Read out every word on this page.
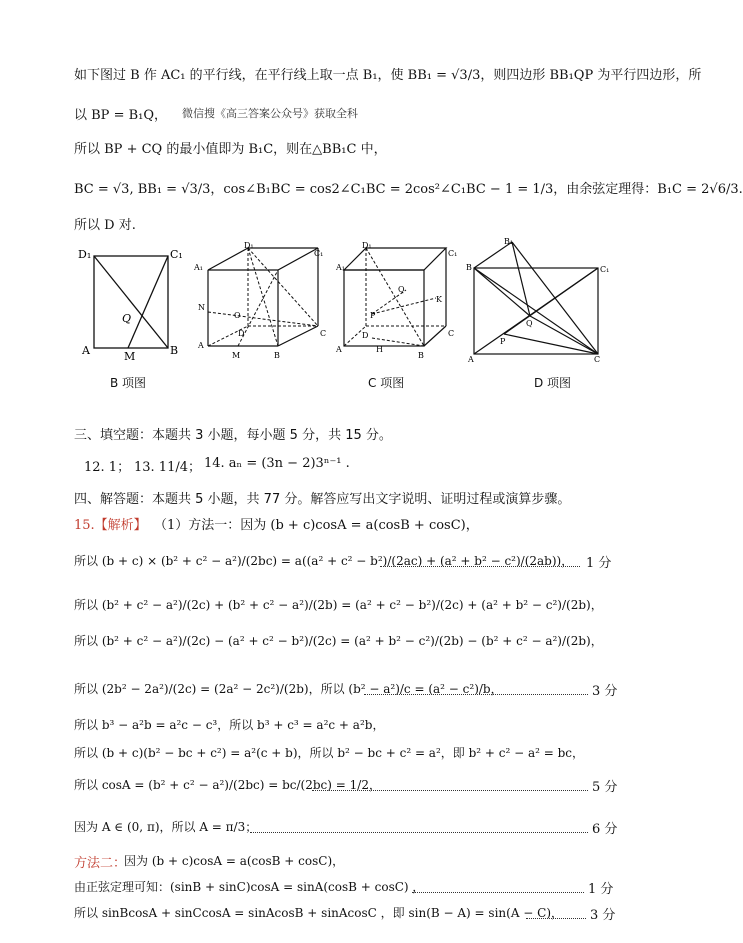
如下图过 B 作 AC₁ 的平行线，在平行线上取一点 B₁，使 BB₁ = √3/3，则四边形 BB₁QP 为平行四边形，所
以 BP = B₁Q， 微信搜《高三答案公众号》获取全科
所以 BP + CQ 的最小值即为 B₁C，则在△BB₁C 中，
BC = √3, BB₁ = √3/3，cos∠B₁BC = cos2∠C₁BC = 2cos²∠C₁BC − 1 = 1/3，由余弦定理得：B₁C = 2√6/3.
所以 D 对.
D₁	C₁
Q
A	M	B
B 项图
A₁
D₁
C₁
N
O
A
M
C
B
D
D₁
A₁
C₁
K
Q
P
D
H
C
A
B
C 项图
B₁
B	C₁
Q
P
A	C
D 项图
三、填空题：本题共 3 小题，每小题 5 分，共 15 分。
12. 1； 13. 11/4； 14. aₙ = (3n − 2)3ⁿ⁻¹ .
四、解答题：本题共 5 小题，共 77 分。解答应写出文字说明、证明过程或演算步骤。
15.【解析】 （1）方法一：因为 (b + c)cosA = a(cosB + cosC)，
所以 (b + c) × (b² + c² − a²)/(2bc) = a((a² + c² − b²)/(2ac) + (a² + b² − c²)/(2ab))， 1 分
所以 (b² + c² − a²)/(2c) + (b² + c² − a²)/(2b) = (a² + c² − b²)/(2c) + (a² + b² − c²)/(2b)，
所以 (b² + c² − a²)/(2c) − (a² + c² − b²)/(2c) = (a² + b² − c²)/(2b) − (b² + c² − a²)/(2b)，
所以 (2b² − 2a²)/(2c) = (2a² − 2c²)/(2b)，所以 (b² − a²)/c = (a² − c²)/b，	3 分
所以 b³ − a²b = a²c − c³，所以 b³ + c³ = a²c + a²b，
所以 (b + c)(b² − bc + c²) = a²(c + b)，所以 b² − bc + c² = a²，即 b² + c² − a² = bc，
所以 cosA = (b² + c² − a²)/(2bc) = bc/(2bc) = 1/2，	5 分
因为 A ∈ (0, π)，所以 A = π/3；	6 分
方法二：
因为 (b + c)cosA = a(cosB + cosC)，
由正弦定理可知：(sinB + sinC)cosA = sinA(cosB + cosC) ，	1 分
所以 sinBcosA + sinCcosA = sinAcosB + sinAcosC ，即 sin(B − A) = sin(A − C)， 3 分
